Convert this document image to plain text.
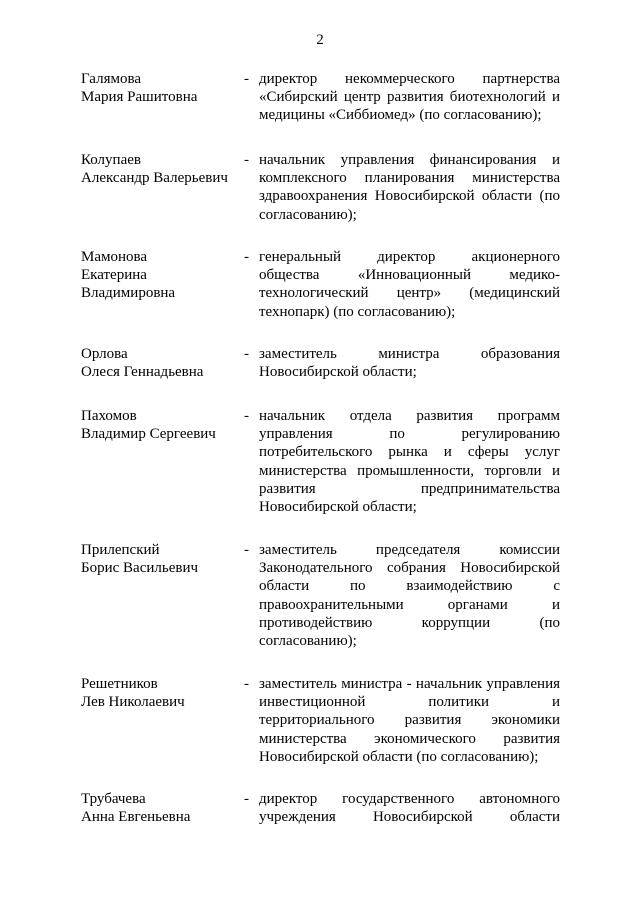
2
Галямова
Мария Рашитовна
- директор некоммерческого партнерства
«Сибирский центр развития биотехнологий и
медицины «Сиббиомед» (по согласованию);
Колупаев
Александр Валерьевич
- начальник управления финансирования и
комплексного планирования министерства
здравоохранения Новосибирской области (по
согласованию);
Мамонова
Екатерина
Владимировна
- генеральный директор акционерного
общества «Инновационный медико-
технологический центр» (медицинский
технопарк) (по согласованию);
Орлова
Олеся Геннадьевна
- заместитель министра образования
Новосибирской области;
Пахомов
Владимир Сергеевич
- начальник отдела развития программ
управления по регулированию
потребительского рынка и сферы услуг
министерства промышленности, торговли и
развития предпринимательства
Новосибирской области;
Прилепский
Борис Васильевич
- заместитель председателя комиссии
Законодательного собрания Новосибирской
области по взаимодействию с
правоохранительными органами и
противодействию коррупции (по
согласованию);
Решетников
Лев Николаевич
- заместитель министра - начальник управления
инвестиционной политики и
территориального развития экономики
министерства экономического развития
Новосибирской области (по согласованию);
Трубачева
Анна Евгеньевна
- директор государственного автономного
учреждения Новосибирской области
